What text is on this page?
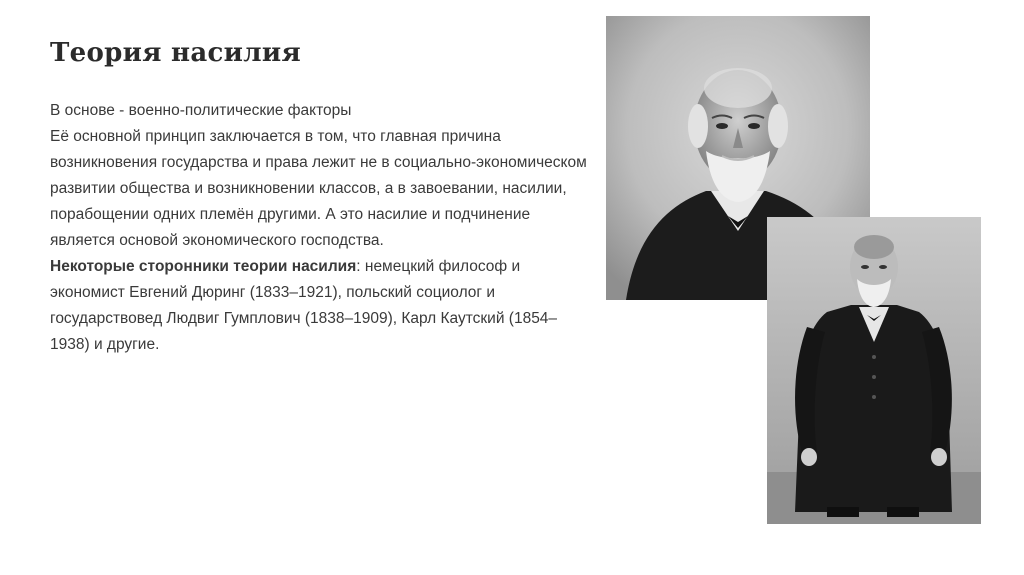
Теория насилия

В основе - военно-политические факторы

Её основной принцип заключается в том, что главная причина возникновения государства и права лежит не в социально-экономическом развитии общества и возникновении классов, а в завоевании, насилии, порабощении одних племён другими. А это насилие и подчинение является основой экономического господства.

Некоторые сторонники теории насилия: немецкий философ и экономист Евгений Дюринг (1833–1921), польский социолог и государствовед Людвиг Гумплович (1838–1909), Карл Каутский (1854–1938) и другие.
